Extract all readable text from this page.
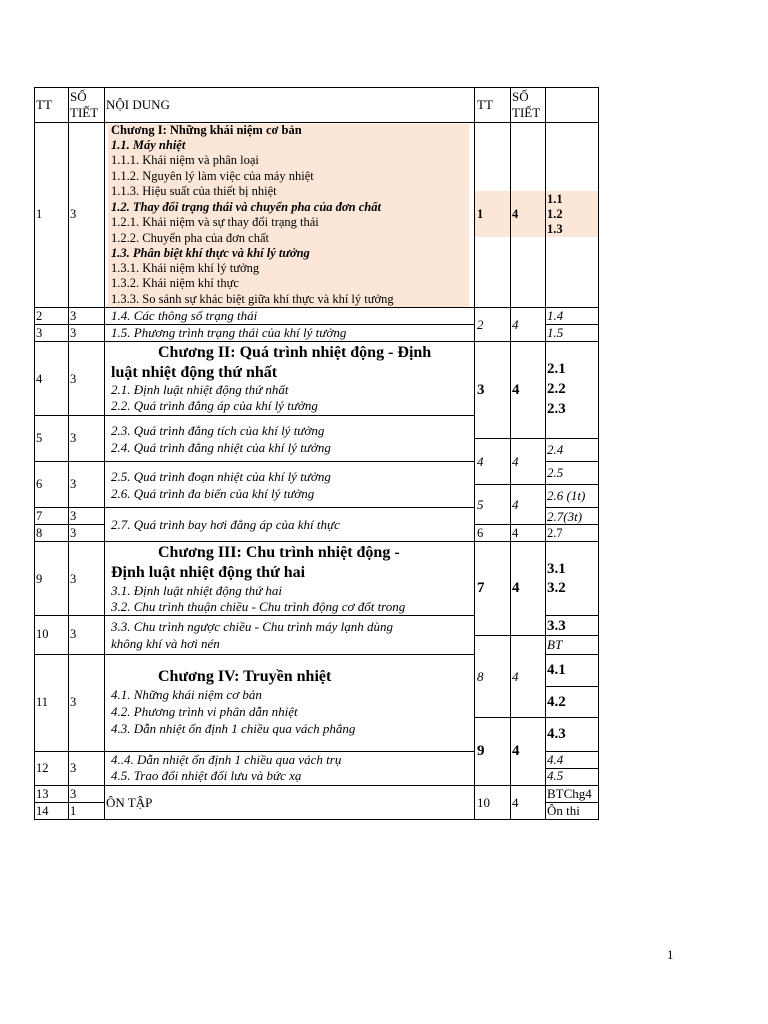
TT
SỐ
TIẾT
NỘI DUNG	TT
SỐ
TIẾT
1 3
2 3
3 3
4 3
5 3
6 3
7 3
8 3
9 3
10 3
11 3
12 3
13 3
14 1
Chương I: Những khái niệm cơ bản
1.1. Máy nhiệt
1.1.1. Khái niệm và phân loại
1.1.2. Nguyên lý làm việc của máy nhiệt
1.1.3. Hiệu suất của thiết bị nhiệt
1.2. Thay đổi trạng thái và chuyển pha của đơn chất
1.2.1. Khái niệm và sự thay đổi trạng thái
1.2.2. Chuyển pha của đơn chất
1.3. Phân biệt khí thực và khí lý tưởng
1.3.1. Khái niệm khí lý tưởng
1.3.2. Khái niệm khí thực
1.3.3. So sánh sự khác biệt giữa khí thực và khí lý tưởng
1.4. Các thông số trạng thái
1.5. Phương trình trạng thái của khí lý tưởng
Chương II: Quá trình nhiệt động - Định
luật nhiệt động thứ nhất
2.1. Định luật nhiệt động thứ nhất
2.2. Quá trình đẳng áp của khí lý tưởng
2.3. Quá trình đẳng tích của khí lý tưởng
2.4. Quá trình đẳng nhiệt của khí lý tưởng
2.5. Quá trình đoạn nhiệt của khí lý tưởng
2.6. Quá trình đa biến của khí lý tưởng
2.7. Quá trình bay hơi đẳng áp của khí thực
Chương III: Chu trình nhiệt động -
Định luật nhiệt động thứ hai
3.1. Định luật nhiệt động thứ hai
3.2. Chu trình thuận chiều - Chu trình động cơ đốt trong
3.3. Chu trình ngược chiều - Chu trình máy lạnh dùng
không khí và hơi nén
Chương IV: Truyền nhiệt
4.1. Những khái niệm cơ bản
4.2. Phương trình vi phân dẫn nhiệt
4.3. Dẫn nhiệt ổn định 1 chiều qua vách phẳng
4..4. Dẫn nhiệt ổn định 1 chiều qua vách trụ
4.5. Trao đổi nhiệt đối lưu và bức xạ
ÔN TẬP
1 4
2 4
3 4
4 4
5 4
6 4
7 4
8 4
9 4
10 4
1.1
1.2
1.3
1.4
1.5
2.1
2.2
2.3
2.4
2.5
2.6 (1t)
2.7(3t)
2.7
3.1
3.2
3.3
BT
4.1
4.2
4.3
4.4
4.5
BTChg4
Ôn thi
1
